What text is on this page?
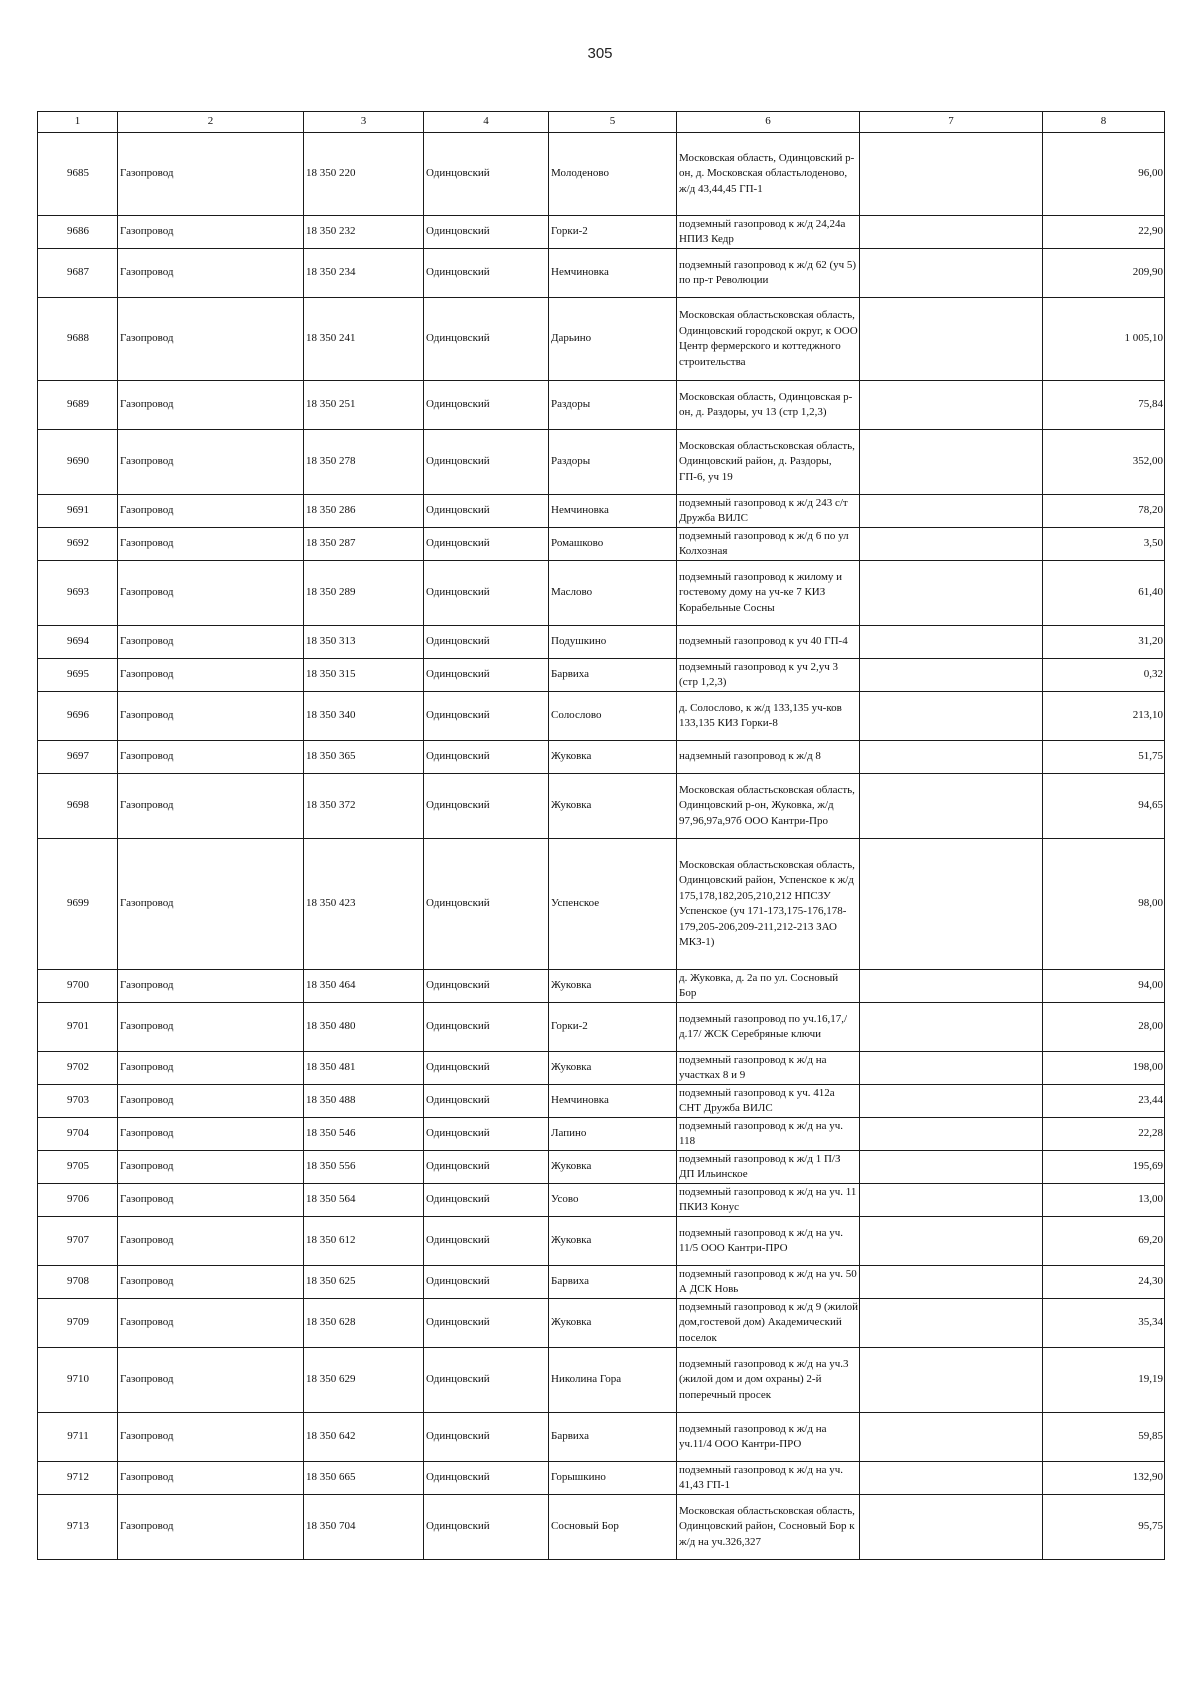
305
1	2	3	4	5	6	7	8
9685	Газопровод	18 350 220	Одинцовский	Молоденово	Московская область, Одинцовский р-он, д. Московская областьлоденово, ж/д 43,44,45 ГП-1		96,00
9686	Газопровод	18 350 232	Одинцовский	Горки-2	подземный газопровод к ж/д 24,24а НПИЗ Кедр		22,90
9687	Газопровод	18 350 234	Одинцовский	Немчиновка	подземный газопровод к ж/д 62 (уч 5) по пр-т Революции		209,90
9688	Газопровод	18 350 241	Одинцовский	Дарьино	Московская областьсковская область, Одинцовский городской округ, к ООО Центр фермерского и коттеджного строительства		1 005,10
9689	Газопровод	18 350 251	Одинцовский	Раздоры	Московская область, Одинцовская р-он, д. Раздоры, уч 13 (стр 1,2,3)		75,84
9690	Газопровод	18 350 278	Одинцовский	Раздоры	Московская областьсковская область, Одинцовский район, д. Раздоры, ГП-6, уч 19		352,00
9691	Газопровод	18 350 286	Одинцовский	Немчиновка	подземный газопровод к ж/д 243 с/т Дружба ВИЛС		78,20
9692	Газопровод	18 350 287	Одинцовский	Ромашково	подземный газопровод к ж/д 6 по ул Колхозная		3,50
9693	Газопровод	18 350 289	Одинцовский	Маслово	подземный газопровод к жилому и гостевому дому на уч-ке 7 КИЗ Корабельные Сосны		61,40
9694	Газопровод	18 350 313	Одинцовский	Подушкино	подземный газопровод к уч 40 ГП-4		31,20
9695	Газопровод	18 350 315	Одинцовский	Барвиха	подземный газопровод к уч 2,уч 3 (стр 1,2,3)		0,32
9696	Газопровод	18 350 340	Одинцовский	Солослово	д. Солослово, к ж/д 133,135 уч-ков 133,135 КИЗ Горки-8		213,10
9697	Газопровод	18 350 365	Одинцовский	Жуковка	надземный газопровод к ж/д 8		51,75
9698	Газопровод	18 350 372	Одинцовский	Жуковка	Московская областьсковская область, Одинцовский р-он, Жуковка, ж/д 97,96,97а,97б ООО Кантри-Про		94,65
9699	Газопровод	18 350 423	Одинцовский	Успенское	Московская областьсковская область, Одинцовский район, Успенское к ж/д 175,178,182,205,210,212 НПСЗУ Успенское (уч 171-173,175-176,178-179,205-206,209-211,212-213 ЗАО МКЗ-1)		98,00
9700	Газопровод	18 350 464	Одинцовский	Жуковка	д. Жуковка, д. 2а по ул. Сосновый Бор		94,00
9701	Газопровод	18 350 480	Одинцовский	Горки-2	подземный газопровод по уч.16,17,/д.17/ ЖСК Серебряные ключи		28,00
9702	Газопровод	18 350 481	Одинцовский	Жуковка	подземный газопровод к ж/д на участках 8 и 9		198,00
9703	Газопровод	18 350 488	Одинцовский	Немчиновка	подземный газопровод к уч. 412а СНТ Дружба ВИЛС		23,44
9704	Газопровод	18 350 546	Одинцовский	Лапино	подземный газопровод к ж/д на уч. 118		22,28
9705	Газопровод	18 350 556	Одинцовский	Жуковка	подземный газопровод к ж/д 1 П/З ДП Ильинское		195,69
9706	Газопровод	18 350 564	Одинцовский	Усово	подземный газопровод к ж/д на уч. 11 ПКИЗ Конус		13,00
9707	Газопровод	18 350 612	Одинцовский	Жуковка	подземный газопровод к ж/д на уч. 11/5 ООО Кантри-ПРО		69,20
9708	Газопровод	18 350 625	Одинцовский	Барвиха	подземный газопровод к ж/д на уч. 50 А ДСК Новь		24,30
9709	Газопровод	18 350 628	Одинцовский	Жуковка	подземный газопровод к ж/д 9 (жилой дом,гостевой дом) Академический поселок		35,34
9710	Газопровод	18 350 629	Одинцовский	Николина Гора	подземный газопровод к ж/д на уч.3 (жилой дом и дом охраны) 2-й поперечный просек		19,19
9711	Газопровод	18 350 642	Одинцовский	Барвиха	подземный газопровод к ж/д на уч.11/4 ООО Кантри-ПРО		59,85
9712	Газопровод	18 350 665	Одинцовский	Горышкино	подземный газопровод к ж/д на уч. 41,43 ГП-1		132,90
9713	Газопровод	18 350 704	Одинцовский	Сосновый Бор	Московская областьсковская область, Одинцовский район, Сосновый Бор к ж/д на уч.326,327		95,75
